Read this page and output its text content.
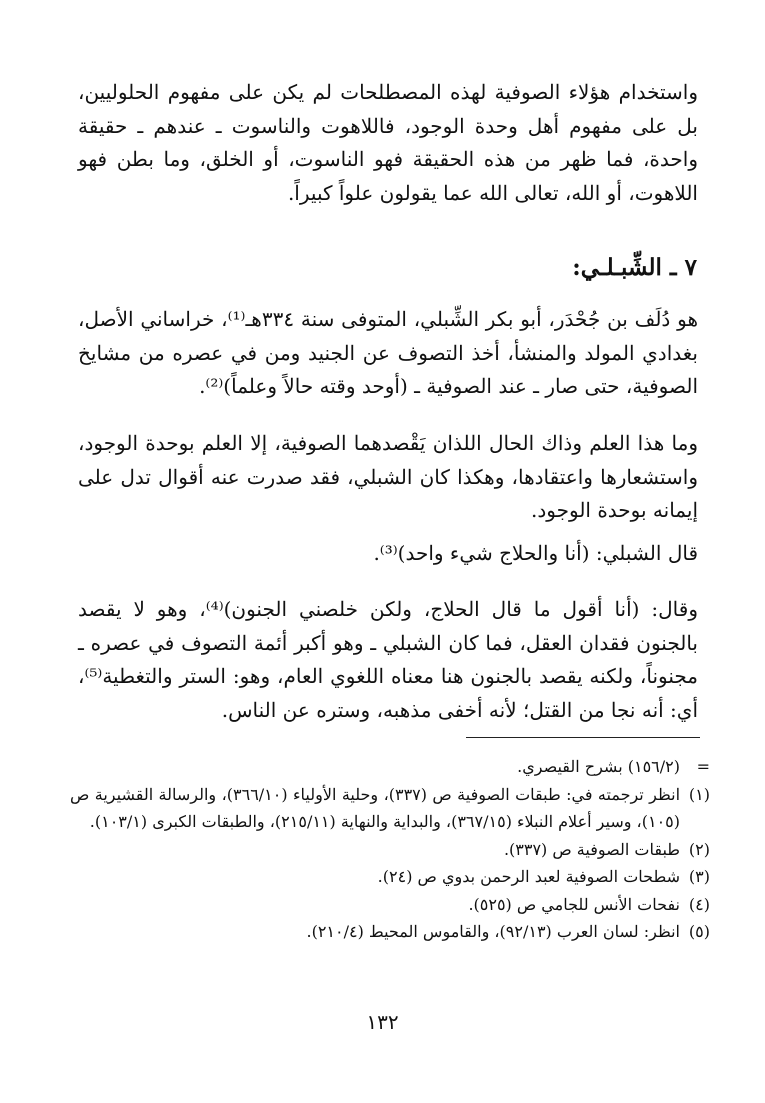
واستخدام هؤلاء الصوفية لهذه المصطلحات لم يكن على مفهوم الحلوليين، بل على مفهوم أهل وحدة الوجود، فاللاهوت والناسوت ـ عندهم ـ حقيقة واحدة، فما ظهر من هذه الحقيقة فهو الناسوت، أو الخلق، وما بطن فهو اللاهوت، أو الله، تعالى الله عما يقولون علواً كبيراً.

٧ ـ الشِّبـلـي:

هو دُلَف بن جُحْدَر، أبو بكر الشِّبلي، المتوفى سنة ٣٣٤هـ⁽¹⁾، خراساني الأصل، بغدادي المولد والمنشأ، أخذ التصوف عن الجنيد ومن في عصره من مشايخ الصوفية، حتى صار ـ عند الصوفية ـ (أوحد وقته حالاً وعلماً)⁽²⁾.

وما هذا العلم وذاك الحال اللذان يَقْصدهما الصوفية، إلا العلم بوحدة الوجود، واستشعارها واعتقادها، وهكذا كان الشبلي، فقد صدرت عنه أقوال تدل على إيمانه بوحدة الوجود.

قال الشبلي: (أنا والحلاج شيء واحد)⁽³⁾.

وقال: (أنا أقول ما قال الحلاج، ولكن خلصني الجنون)⁽⁴⁾، وهو لا يقصد بالجنون فقدان العقل، فما كان الشبلي ـ وهو أكبر أئمة التصوف في عصره ـ مجنوناً، ولكنه يقصد بالجنون هنا معناه اللغوي العام، وهو: الستر والتغطية⁽⁵⁾، أي: أنه نجا من القتل؛ لأنه أخفى مذهبه، وستره عن الناس.

=
(١٥٦/٢) بشرح القيصري.
(١)
انظر ترجمته في: طبقات الصوفية ص (٣٣٧)، وحلية الأولياء (٣٦٦/١٠)، والرسالة القشيرية ص (١٠٥)، وسير أعلام النبلاء (٣٦٧/١٥)، والبداية والنهاية (٢١٥/١١)، والطبقات الكبرى (١٠٣/١).
(٢)
طبقات الصوفية ص (٣٣٧).
(٣)
شطحات الصوفية لعبد الرحمن بدوي ص (٢٤).
(٤)
نفحات الأنس للجامي ص (٥٢٥).
(٥)
انظر: لسان العرب (٩٢/١٣)، والقاموس المحيط (٢١٠/٤).
١٣٢
